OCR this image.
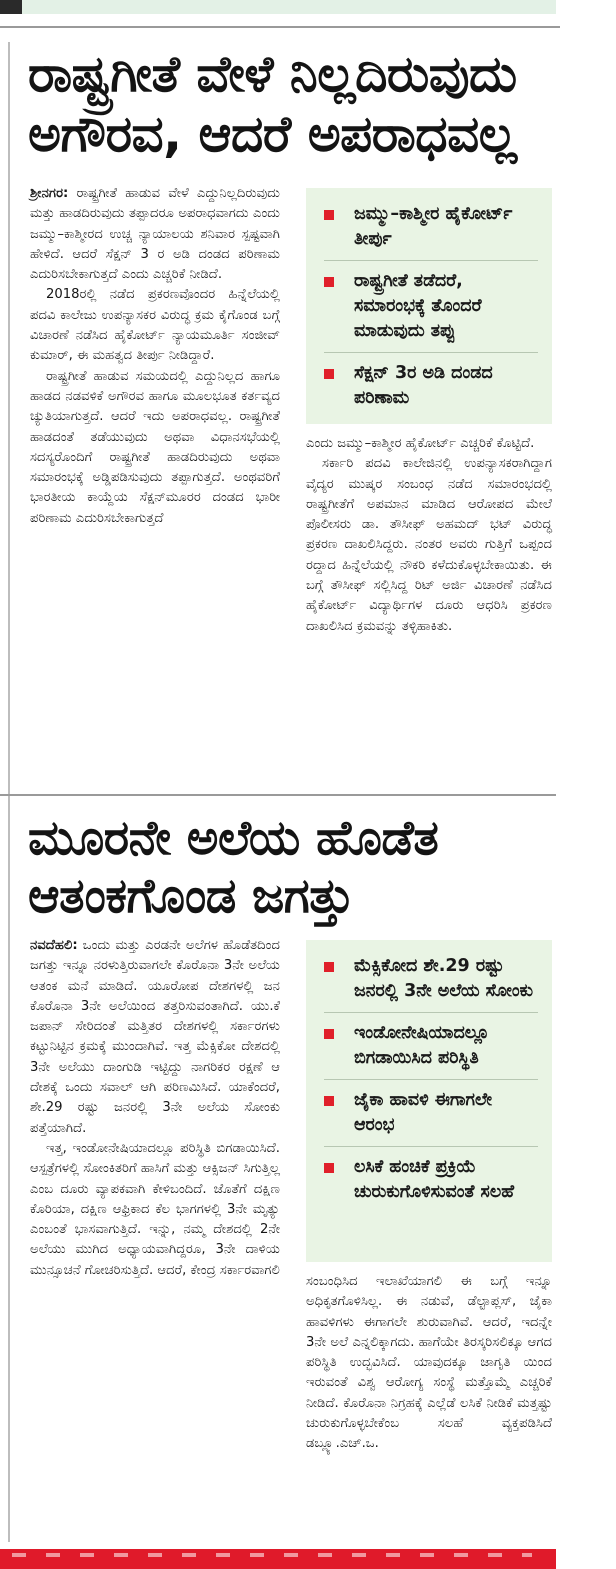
ರಾಷ್ಟ್ರಗೀತೆ ವೇಳೆ ನಿಲ್ಲದಿರುವುದು
ಅಗೌರವ, ಆದರೆ ಅಪರಾಧವಲ್ಲ

ಶ್ರೀನಗರ: ರಾಷ್ಟ್ರಗೀತೆ ಹಾಡುವ ವೇಳೆ ಎದ್ದುನಿಲ್ಲದಿರುವುದು ಮತ್ತು ಹಾಡದಿರುವುದು ತಪ್ಪಾದರೂ ಅಪರಾಧವಾಗದು ಎಂದು ಜಮ್ಮು–ಕಾಶ್ಮೀರದ ಉಚ್ಚ ನ್ಯಾಯಾಲಯ ಶನಿವಾರ ಸ್ಪಷ್ಟವಾಗಿ ಹೇಳಿದೆ. ಆದರೆ ಸೆಕ್ಷನ್ 3 ರ ಅಡಿ ದಂಡದ ಪರಿಣಾಮ ಎದುರಿಸಬೇಕಾಗುತ್ತದೆ ಎಂದು ಎಚ್ಚರಿಕೆ ನೀಡಿದೆ.

2018ರಲ್ಲಿ ನಡೆದ ಪ್ರಕರಣವೊಂದರ ಹಿನ್ನೆಲೆಯಲ್ಲಿ ಪದವಿ ಕಾಲೇಜು ಉಪನ್ಯಾಸಕರ ವಿರುದ್ಧ ಕ್ರಮ ಕೈಗೊಂಡ ಬಗ್ಗೆ ವಿಚಾರಣೆ ನಡೆಸಿದ ಹೈಕೋರ್ಟ್ ನ್ಯಾಯಮೂರ್ತಿ ಸಂಜೀವ್ ಕುಮಾರ್, ಈ ಮಹತ್ವದ ತೀರ್ಪು ನೀಡಿದ್ದಾರೆ.

ರಾಷ್ಟ್ರಗೀತೆ ಹಾಡುವ ಸಮಯದಲ್ಲಿ ಎದ್ದುನಿಲ್ಲದ ಹಾಗೂ ಹಾಡದ ನಡವಳಿಕೆ ಅಗೌರವ ಹಾಗೂ ಮೂಲಭೂತ ಕರ್ತವ್ಯದ ಚ್ಯುತಿಯಾಗುತ್ತದೆ. ಆದರೆ ಇದು ಅಪರಾಧವಲ್ಲ. ರಾಷ್ಟ್ರಗೀತೆ ಹಾಡದಂತೆ ತಡೆಯುವುದು ಅಥವಾ ವಿಧಾನಸಭೆಯಲ್ಲಿ ಸದಸ್ಯರೊಂದಿಗೆ ರಾಷ್ಟ್ರಗೀತೆ ಹಾಡದಿರುವುದು ಅಥವಾ ಸಮಾರಂಭಕ್ಕೆ ಅಡ್ಡಿಪಡಿಸುವುದು ತಪ್ಪಾಗುತ್ತದೆ. ಅಂಥವರಿಗೆ ಭಾರತೀಯ ಕಾಯ್ದೆಯ ಸೆಕ್ಷನ್‌ಮೂರರ ದಂಡದ ಭಾರೀ ಪರಿಣಾಮ ಎದುರಿಸಬೇಕಾಗುತ್ತದೆ

ಜಮ್ಮು–ಕಾಶ್ಮೀರ ಹೈಕೋರ್ಟ್ ತೀರ್ಪು
ರಾಷ್ಟ್ರಗೀತೆ ತಡೆದರೆ, ಸಮಾರಂಭಕ್ಕೆ ತೊಂದರೆ ಮಾಡುವುದು ತಪ್ಪು
ಸೆಕ್ಷನ್ 3ರ ಅಡಿ ದಂಡದ ಪರಿಣಾಮ

ಎಂದು ಜಮ್ಮು–ಕಾಶ್ಮೀರ ಹೈಕೋರ್ಟ್ ಎಚ್ಚರಿಕೆ ಕೊಟ್ಟಿದೆ.

ಸರ್ಕಾರಿ ಪದವಿ ಕಾಲೇಜಿನಲ್ಲಿ ಉಪನ್ಯಾಸಕರಾಗಿದ್ದಾಗ ವೈದ್ಯರ ಮುಷ್ಕರ ಸಂಬಂಧ ನಡೆದ ಸಮಾರಂಭದಲ್ಲಿ ರಾಷ್ಟ್ರಗೀತೆಗೆ ಅಪಮಾನ ಮಾಡಿದ ಆರೋಪದ ಮೇಲೆ ಪೊಲೀಸರು ಡಾ. ತೌಸೀಫ್ ಅಹಮದ್ ಭಟ್ ವಿರುದ್ಧ ಪ್ರಕರಣ ದಾಖಲಿಸಿದ್ದರು. ನಂತರ ಅವರು ಗುತ್ತಿಗೆ ಒಪ್ಪಂದ ರದ್ದಾದ ಹಿನ್ನೆಲೆಯಲ್ಲಿ ನೌಕರಿ ಕಳೆದುಕೊಳ್ಳಬೇಕಾಯಿತು. ಈ ಬಗ್ಗೆ ತೌಸೀಫ್ ಸಲ್ಲಿಸಿದ್ದ ರಿಟ್ ಅರ್ಜಿ ವಿಚಾರಣೆ ನಡೆಸಿದ ಹೈಕೋರ್ಟ್ ವಿದ್ಯಾರ್ಥಿಗಳ ದೂರು ಆಧರಿಸಿ ಪ್ರಕರಣ ದಾಖಲಿಸಿದ ಕ್ರಮವನ್ನು ತಳ್ಳಿಹಾಕಿತು.

ಮೂರನೇ ಅಲೆಯ ಹೊಡೆತ
ಆತಂಕಗೊಂಡ ಜಗತ್ತು

ನವದೆಹಲಿ: ಒಂದು ಮತ್ತು ಎರಡನೇ ಅಲೆಗಳ ಹೊಡೆತದಿಂದ ಜಗತ್ತು ಇನ್ನೂ ನರಳುತ್ತಿರುವಾಗಲೇ ಕೊರೊನಾ 3ನೇ ಅಲೆಯ ಆತಂಕ ಮನೆ ಮಾಡಿದೆ. ಯೂರೋಪ ದೇಶಗಳಲ್ಲಿ ಜನ ಕೊರೊನಾ 3ನೇ ಅಲೆಯಿಂದ ತತ್ತರಿಸುವಂತಾಗಿದೆ. ಯು.ಕೆ ಜಪಾನ್ ಸೇರಿದಂತೆ ಮತ್ತಿತರ ದೇಶಗಳಲ್ಲಿ ಸರ್ಕಾರಗಳು ಕಟ್ಟುನಿಟ್ಟಿನ ಕ್ರಮಕ್ಕೆ ಮುಂದಾಗಿವೆ. ಇತ್ತ ಮೆಕ್ಸಿಕೋ ದೇಶದಲ್ಲಿ 3ನೇ ಅಲೆಯು ದಾಂಗುಡಿ ಇಟ್ಟಿದ್ದು ನಾಗರಿಕರ ರಕ್ಷಣೆ ಆ ದೇಶಕ್ಕೆ ಒಂದು ಸವಾಲ್ ಆಗಿ ಪರಿಣಮಿಸಿದೆ. ಯಾಕೆಂದರೆ, ಶೇ.29 ರಷ್ಟು ಜನರಲ್ಲಿ 3ನೇ ಅಲೆಯ ಸೋಂಕು ಪತ್ತೆಯಾಗಿದೆ.

ಇತ್ತ, ಇಂಡೋನೇಷಿಯಾದಲ್ಲೂ ಪರಿಸ್ಥಿತಿ ಬಿಗಡಾಯಿಸಿದೆ. ಆಸ್ಪತ್ರೆಗಳಲ್ಲಿ ಸೋಂಕಿತರಿಗೆ ಹಾಸಿಗೆ ಮತ್ತು ಆಕ್ಸಿಜನ್ ಸಿಗುತ್ತಿಲ್ಲ ಎಂಬ ದೂರು ವ್ಯಾಪಕವಾಗಿ ಕೇಳಿಬಂದಿದೆ. ಜೊತೆಗೆ ದಕ್ಷಿಣ ಕೊರಿಯಾ, ದಕ್ಷಿಣ ಆಫ್ರಿಕಾದ ಕೆಲ ಭಾಗಗಳಲ್ಲಿ 3ನೇ ಮೃತ್ಯು ಎಂಬಂತೆ ಭಾಸವಾಗುತ್ತಿದೆ. ಇನ್ನು, ನಮ್ಮ ದೇಶದಲ್ಲಿ 2ನೇ ಅಲೆಯು ಮುಗಿದ ಅಧ್ಯಾಯವಾಗಿದ್ದರೂ, 3ನೇ ದಾಳಿಯ ಮುನ್ಸೂಚನೆ ಗೋಚರಿಸುತ್ತಿದೆ. ಆದರೆ, ಕೇಂದ್ರ ಸರ್ಕಾರವಾಗಲಿ

ಮೆಕ್ಸಿಕೋದ ಶೇ.29 ರಷ್ಟು ಜನರಲ್ಲಿ 3ನೇ ಅಲೆಯ ಸೋಂಕು
ಇಂಡೋನೇಷಿಯಾದಲ್ಲೂ ಬಿಗಡಾಯಿಸಿದ ಪರಿಸ್ಥಿತಿ
ಜೈಕಾ ಹಾವಳಿ ಈಗಾಗಲೇ ಆರಂಭ
ಲಸಿಕೆ ಹಂಚಿಕೆ ಪ್ರಕ್ರಿಯೆ ಚುರುಕುಗೊಳಿಸುವಂತೆ ಸಲಹೆ

ಸಂಬಂಧಿಸಿದ ಇಲಾಖೆಯಾಗಲಿ ಈ ಬಗ್ಗೆ ಇನ್ನೂ ಅಧಿಕೃತಗೊಳಿಸಿಲ್ಲ. ಈ ನಡುವೆ, ಡೆಲ್ಟಾಪ್ಲಸ್, ಜೈಕಾ ಹಾವಳಿಗಳು ಈಗಾಗಲೇ ಶುರುವಾಗಿವೆ. ಆದರೆ, ಇದನ್ನೇ 3ನೇ ಅಲೆ ಎನ್ನಲಿಕ್ಕಾಗದು. ಹಾಗೆಯೇ ತಿರಸ್ಕರಿಸಲಿಕ್ಕೂ ಆಗದ ಪರಿಸ್ಥಿತಿ ಉದ್ಭವಿಸಿದೆ. ಯಾವುದಕ್ಕೂ ಜಾಗೃತಿ ಯಿಂದ ಇರುವಂತೆ ವಿಶ್ವ ಆರೋಗ್ಯ ಸಂಸ್ಥೆ ಮತ್ತೊಮ್ಮೆ ಎಚ್ಚರಿಕೆ ನೀಡಿದೆ. ಕೊರೊನಾ ನಿಗ್ರಹಕ್ಕೆ ಎಲ್ಲೆಡೆ ಲಸಿಕೆ ನೀಡಿಕೆ ಮತ್ತಷ್ಟು ಚುರುಕುಗೊಳ್ಳಬೇಕೆಂಬ ಸಲಹೆ ವ್ಯಕ್ತಪಡಿಸಿದೆ ಡಬ್ಲ್ಯೂ.ಎಚ್.ಒ.
